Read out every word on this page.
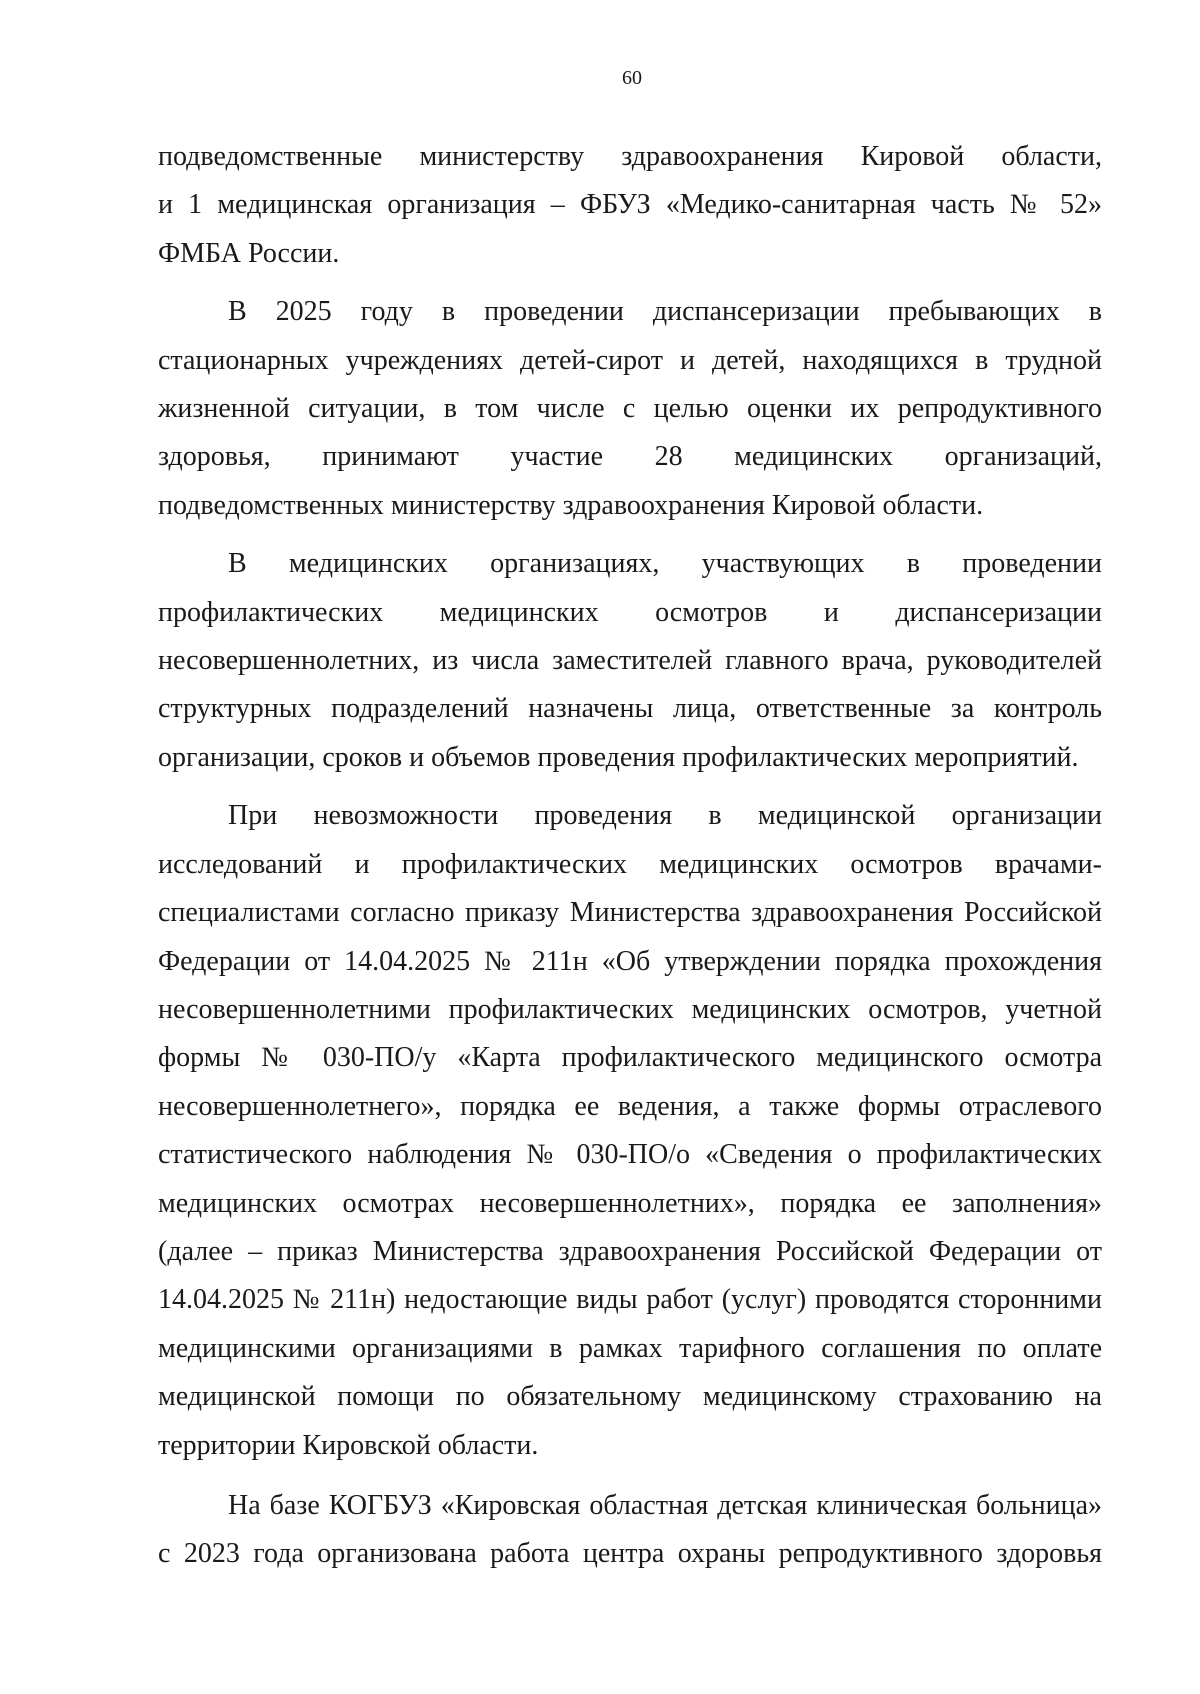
60
подведомственные министерству здравоохранения Кировой области,
и 1 медицинская организация – ФБУЗ «Медико-санитарная часть № 52»
ФМБА России.
В 2025 году в проведении диспансеризации пребывающих в
стационарных учреждениях детей-сирот и детей, находящихся в трудной
жизненной ситуации, в том числе с целью оценки их репродуктивного
здоровья, принимают участие 28 медицинских организаций,
подведомственных министерству здравоохранения Кировой области.
В медицинских организациях, участвующих в проведении
профилактических медицинских осмотров и диспансеризации
несовершеннолетних, из числа заместителей главного врача, руководителей
структурных подразделений назначены лица, ответственные за контроль
организации, сроков и объемов проведения профилактических мероприятий.
При невозможности проведения в медицинской организации
исследований и профилактических медицинских осмотров врачами-
специалистами согласно приказу Министерства здравоохранения Российской
Федерации от 14.04.2025 № 211н «Об утверждении порядка прохождения
несовершеннолетними профилактических медицинских осмотров, учетной
формы № 030-ПО/у «Карта профилактического медицинского осмотра
несовершеннолетнего», порядка ее ведения, а также формы отраслевого
статистического наблюдения № 030-ПО/о «Сведения о профилактических
медицинских осмотрах несовершеннолетних», порядка ее заполнения»
(далее – приказ Министерства здравоохранения Российской Федерации от
14.04.2025 № 211н) недостающие виды работ (услуг) проводятся сторонними
медицинскими организациями в рамках тарифного соглашения по оплате
медицинской помощи по обязательному медицинскому страхованию на
территории Кировской области.
На базе КОГБУЗ «Кировская областная детская клиническая больница»
с 2023 года организована работа центра охраны репродуктивного здоровья
